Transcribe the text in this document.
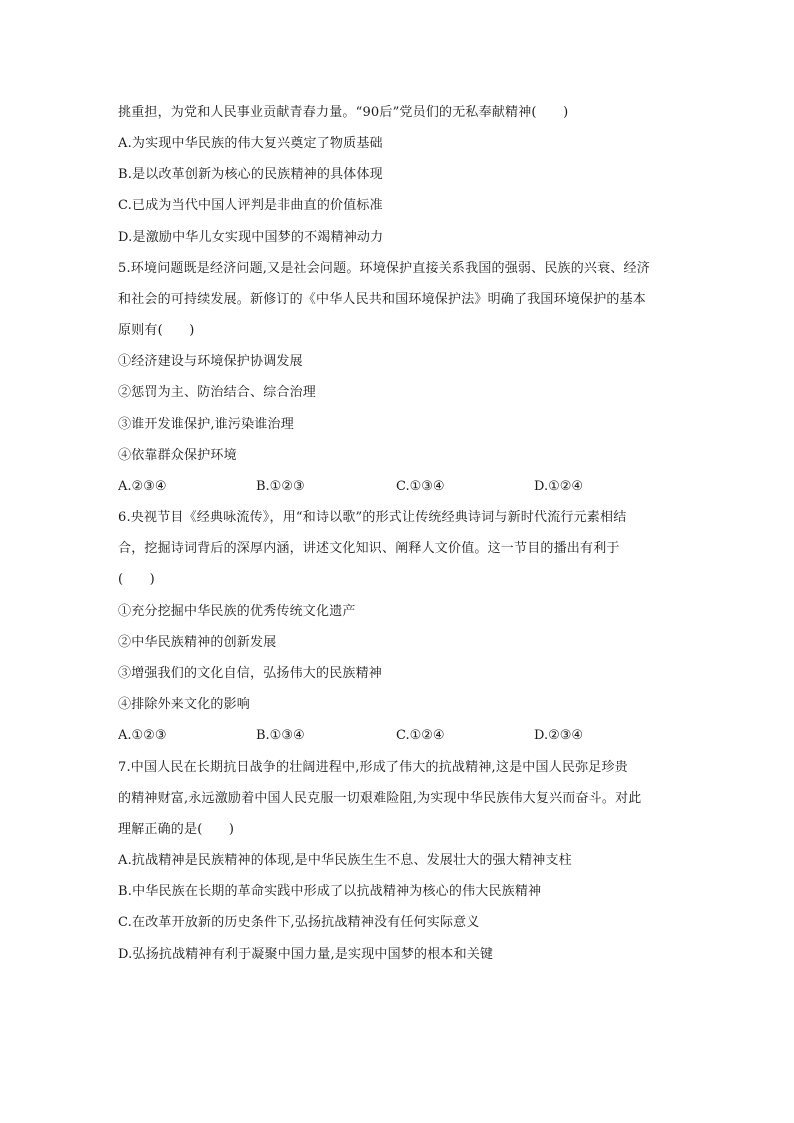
挑重担，为党和人民事业贡献青春力量。“90后”党员们的无私奉献精神(　　)
A.为实现中华民族的伟大复兴奠定了物质基础
B.是以改革创新为核心的民族精神的具体体现
C.已成为当代中国人评判是非曲直的价值标准
D.是激励中华儿女实现中国梦的不竭精神动力
5.环境问题既是经济问题,又是社会问题。环境保护直接关系我国的强弱、民族的兴衰、经济
和社会的可持续发展。新修订的《中华人民共和国环境保护法》明确了我国环境保护的基本
原则有(　　)
①经济建设与环境保护协调发展
②惩罚为主、防治结合、综合治理
③谁开发谁保护,谁污染谁治理
④依靠群众保护环境
A.②③④	B.①②③	C.①③④	D.①②④
6.央视节目《经典咏流传》，用“和诗以歌”的形式让传统经典诗词与新时代流行元素相结
合，挖掘诗词背后的深厚内涵，讲述文化知识、阐释人文价值。这一节目的播出有利于
(　　)
①充分挖掘中华民族的优秀传统文化遗产
②中华民族精神的创新发展
③增强我们的文化自信，弘扬伟大的民族精神
④排除外来文化的影响
A.①②③	B.①③④	C.①②④	D.②③④
7.中国人民在长期抗日战争的壮阔进程中,形成了伟大的抗战精神,这是中国人民弥足珍贵
的精神财富,永远激励着中国人民克服一切艰难险阻,为实现中华民族伟大复兴而奋斗。对此
理解正确的是(　　)
A.抗战精神是民族精神的体现,是中华民族生生不息、发展壮大的强大精神支柱
B.中华民族在长期的革命实践中形成了以抗战精神为核心的伟大民族精神
C.在改革开放新的历史条件下,弘扬抗战精神没有任何实际意义
D.弘扬抗战精神有利于凝聚中国力量,是实现中国梦的根本和关键
